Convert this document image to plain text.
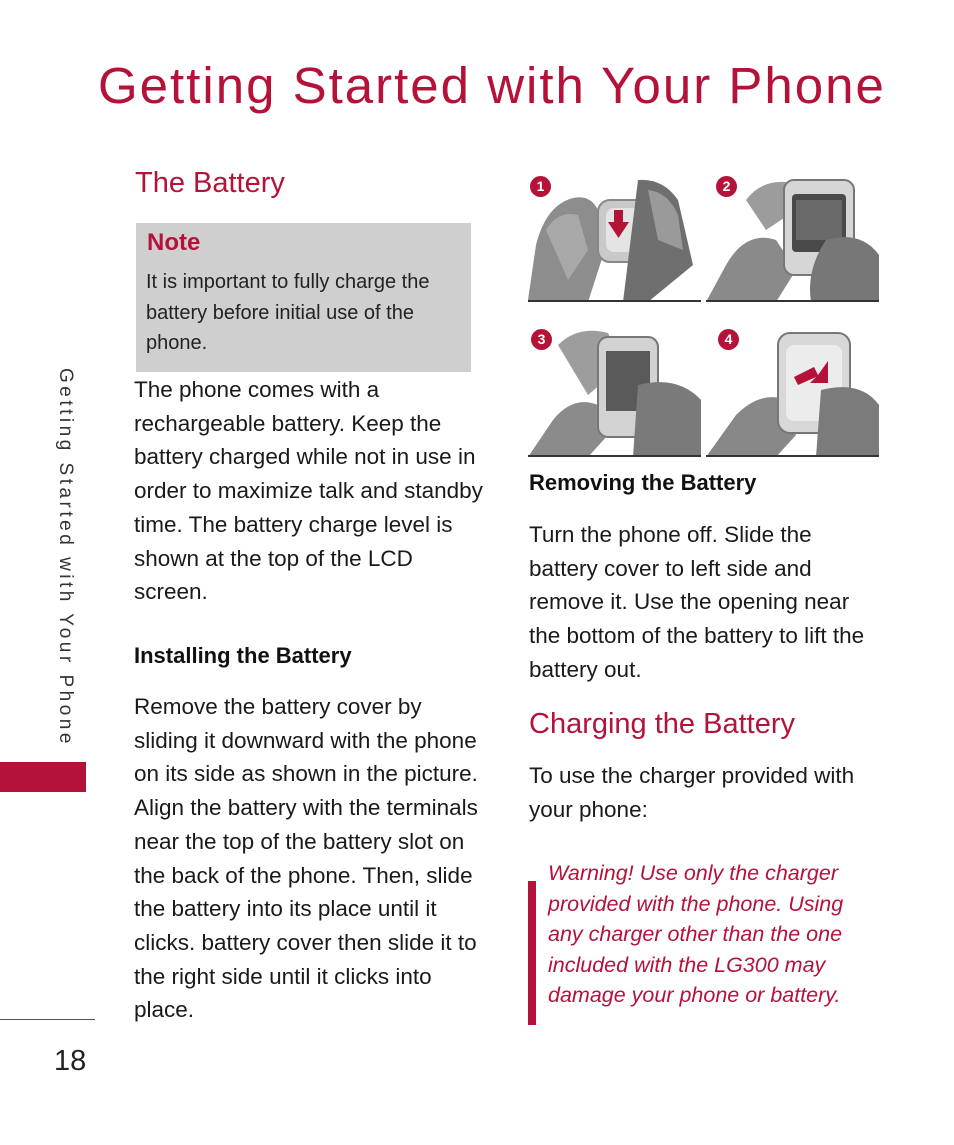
Getting Started with Your Phone
Getting Started with Your Phone
18
The Battery
Note

It is important to fully charge the battery before initial use of the phone.

The phone comes with a rechargeable battery. Keep the battery charged while not in use in order to maximize talk and standby time. The battery charge level is shown at the top of the LCD screen.

Installing the Battery

Remove the battery cover by sliding it downward with the phone on its side as shown in the picture. Align the battery with the terminals near the top of the battery slot on the back of the phone. Then, slide the battery into its place until it clicks. battery cover then slide it to the right side until it clicks into place.

1	2
3	4
Removing the Battery

Turn the phone off. Slide the battery cover to left side and remove it. Use the opening near the bottom of the battery to lift the battery out.

Charging the Battery

To use the charger provided with your phone:

Warning! Use only the charger provided with the phone. Using any charger other than the one included with the LG300 may damage your phone or battery.
